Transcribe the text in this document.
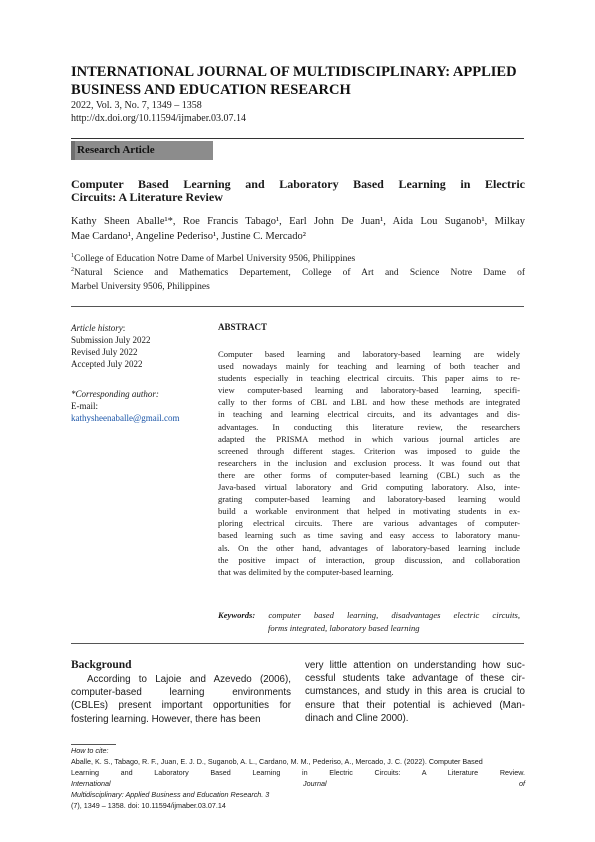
INTERNATIONAL JOURNAL OF MULTIDISCIPLINARY: APPLIED
BUSINESS AND EDUCATION RESEARCH
2022, Vol. 3, No. 7, 1349 – 1358
http://dx.doi.org/10.11594/ijmaber.03.07.14
Research Article
Computer Based Learning and Laboratory Based Learning in Electric
Circuits: A Literature Review
Kathy Sheen Aballe¹*, Roe Francis Tabago¹, Earl John De Juan¹, Aida Lou Suganob¹, Milkay
Mae Cardano¹, Angeline Pederiso¹, Justine C. Mercado²
$^1$College of Education Notre Dame of Marbel University 9506, Philippines
$^2$Natural Science and Mathematics Departement, College of Art and Science Notre Dame of
Marbel University 9506, Philippines
Article history:
Submission July 2022
Revised July 2022
Accepted July 2022
*Corresponding author:
E-mail:
kathysheenaballe@gmail.com
ABSTRACT
Computer based learning and laboratory-based learning are widely
used nowadays mainly for teaching and learning of both teacher and
students especially in teaching electrical circuits. This paper aims to re-
view computer-based learning and laboratory-based learning, specifi-
cally to ther forms of CBL and LBL and how these methods are integrated
in teaching and learning electrical circuits, and its advantages and dis-
advantages. In conducting this literature review, the researchers
adapted the PRISMA method in which various journal articles are
screened through different stages. Criterion was imposed to guide the
researchers in the inclusion and exclusion process. It was found out that
there are other forms of computer-based learning (CBL) such as the
Java-based virtual laboratory and Grid computing laboratory. Also, inte-
grating computer-based learning and laboratory-based learning would
build a workable environment that helped in motivating students in ex-
ploring electrical circuits. There are various advantages of computer-
based learning such as time saving and easy access to laboratory manu-
als. On the other hand, advantages of laboratory-based learning include
the positive impact of interaction, group discussion, and collaboration
that was delimited by the computer-based learning.
Keywords: computer based learning, disadvantages electric circuits,
forms integrated, laboratory based learning
Background
According to Lajoie and Azevedo (2006),
computer-based learning environments
(CBLEs) present important opportunities for
fostering learning. However, there has been
very little attention on understanding how suc-
cessful students take advantage of these cir-
cumstances, and study in this area is crucial to
ensure that their potential is achieved (Man-
dinach and Cline 2000).
How to cite:
Aballe, K. S., Tabago, R. F., Juan, E. J. D., Suganob, A. L., Cardano, M. M., Pederiso, A., Mercado, J. C. (2022). Computer Based
Learning and Laboratory Based Learning in Electric Circuits: A Literature Review.
International Journal of
Multidisciplinary: Applied Business and Education Research. 3
(7), 1349 – 1358. doi: 10.11594/ijmaber.03.07.14
